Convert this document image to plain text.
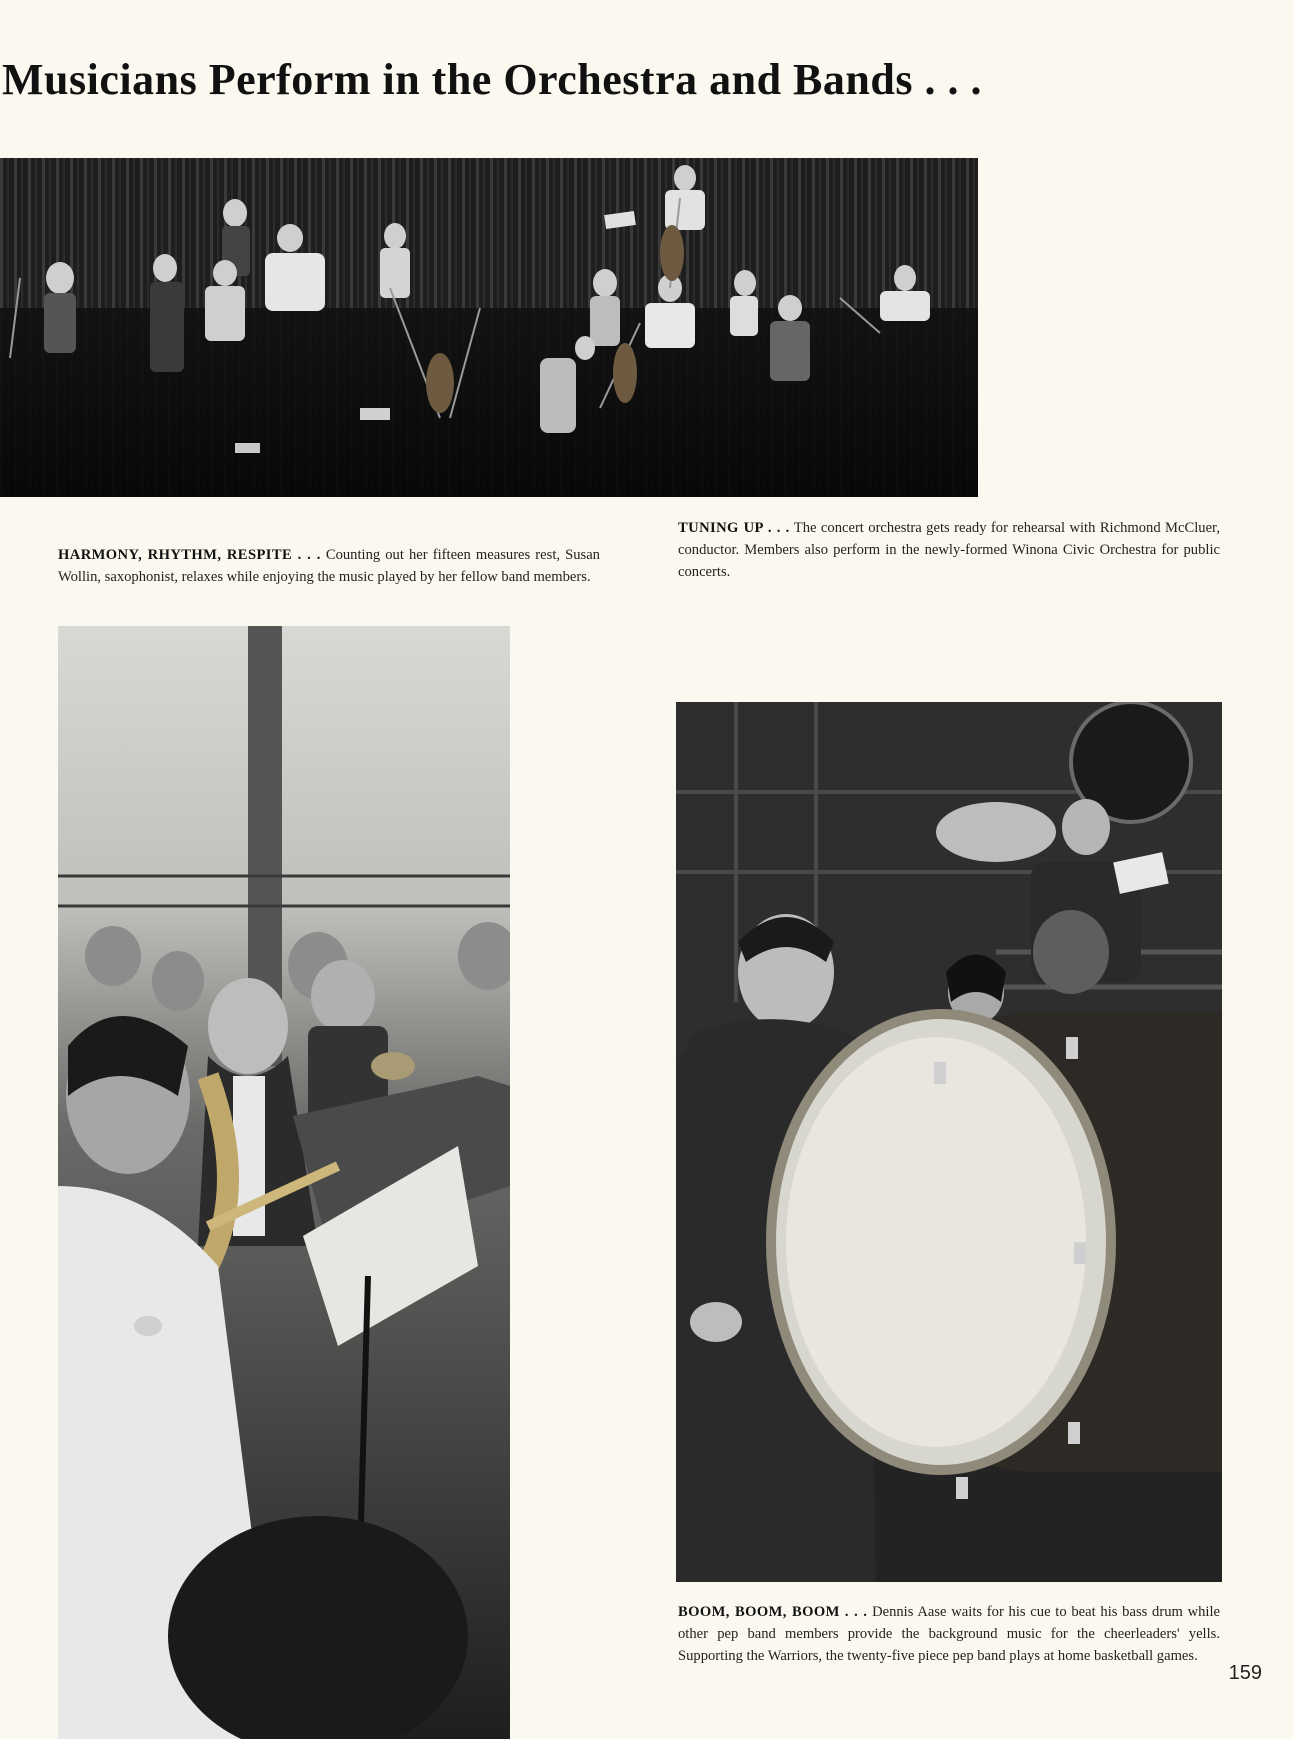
Musicians Perform in the Orchestra and Bands . . .
TUNING UP . . . The concert orchestra gets ready for rehearsal with Richmond McCluer, conductor. Members also perform in the newly-formed Winona Civic Orchestra for public concerts.
HARMONY, RHYTHM, RESPITE . . . Counting out her fifteen measures rest, Susan Wollin, saxophonist, relaxes while enjoying the music played by her fellow band members.
BOOM, BOOM, BOOM . . . Dennis Aase waits for his cue to beat his bass drum while other pep band members provide the background music for the cheerleaders' yells. Supporting the Warriors, the twenty-five piece pep band plays at home basketball games.
159
